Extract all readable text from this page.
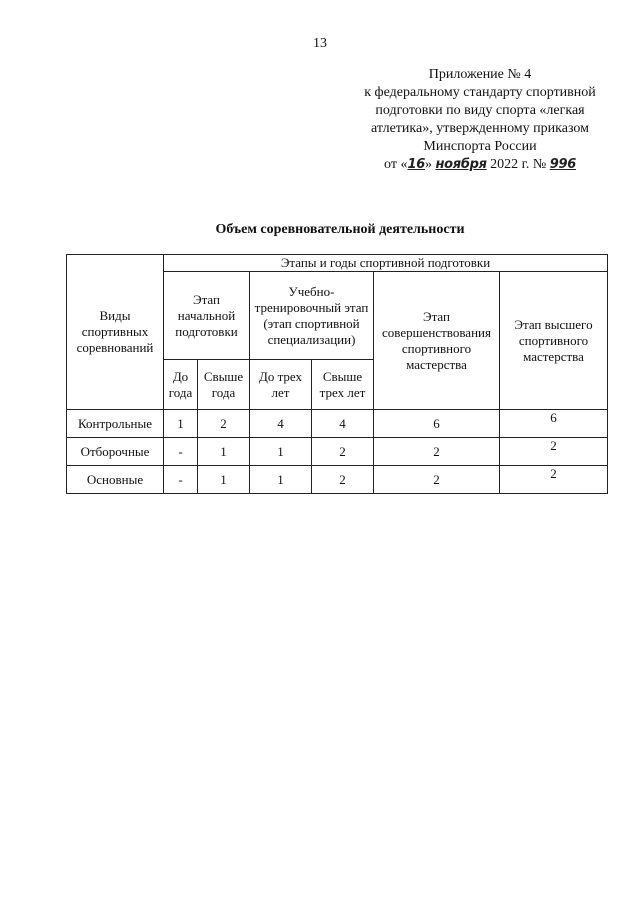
13
Приложение № 4
к федеральному стандарту спортивной
подготовки по виду спорта «легкая
атлетика», утвержденному приказом
Минспорта России
от «16» ноября 2022 г. № 996
Объем соревновательной деятельности
Виды спортивных соревнований	Этапы и годы спортивной подготовки					
	Этап начальной подготовки		Учебно-тренировочный этап (этап спортивной специализации)		Этап совершенствования спортивного мастерства	Этап высшего спортивного мастерства
	До года	Свыше года	До трех лет	Свыше трех лет		
Контрольные	1	2	4	4	6	6
Отборочные	-	1	1	2	2	2
Основные	-	1	1	2	2	2
